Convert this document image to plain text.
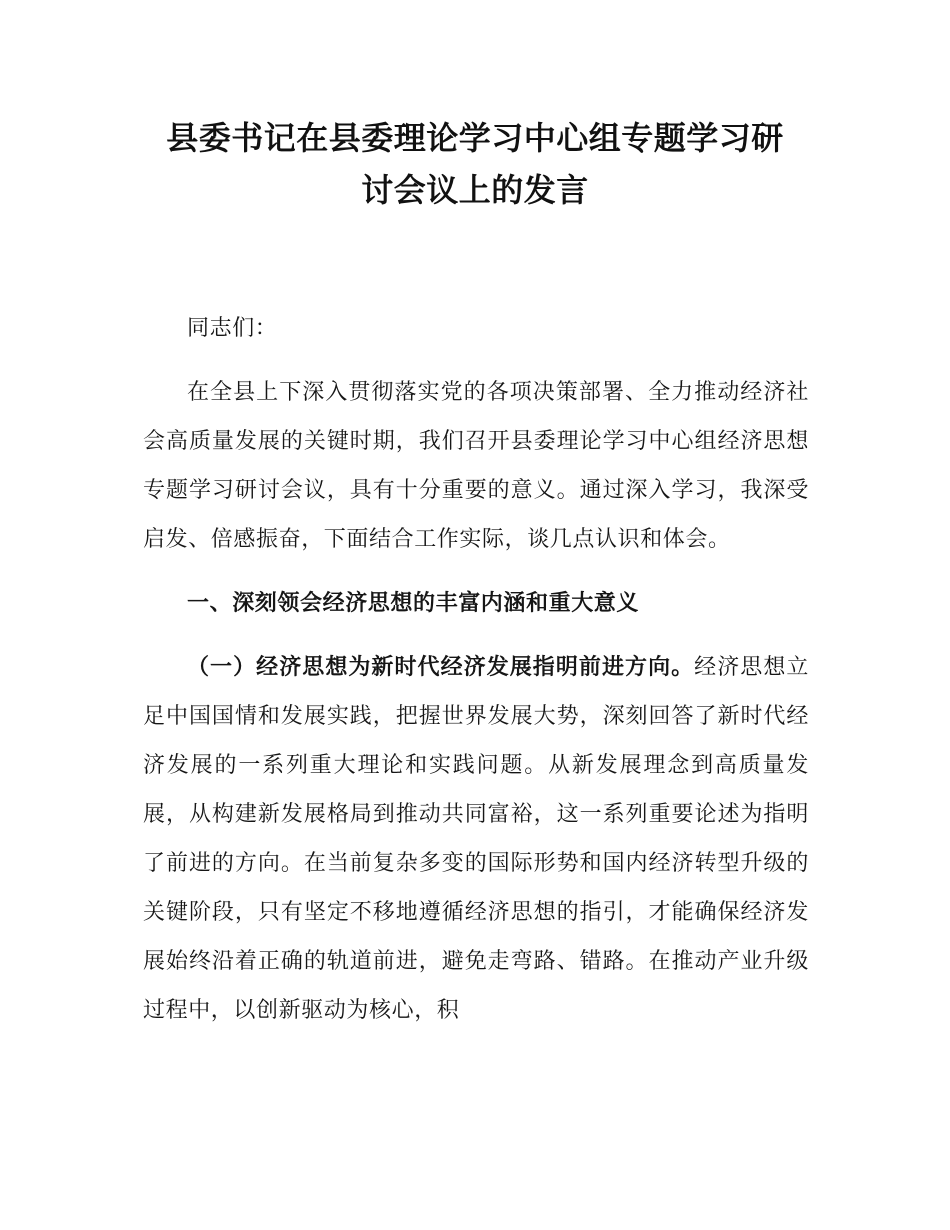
县委书记在县委理论学习中心组专题学习研
讨会议上的发言

同志们：

在全县上下深入贯彻落实党的各项决策部署、全力推动经济社会高质量发展的关键时期，我们召开县委理论学习中心组经济思想专题学习研讨会议，具有十分重要的意义。通过深入学习，我深受启发、倍感振奋，下面结合工作实际，谈几点认识和体会。

一、深刻领会经济思想的丰富内涵和重大意义

（一）经济思想为新时代经济发展指明前进方向。经济思想立足中国国情和发展实践，把握世界发展大势，深刻回答了新时代经济发展的一系列重大理论和实践问题。从新发展理念到高质量发展，从构建新发展格局到推动共同富裕，这一系列重要论述为指明了前进的方向。在当前复杂多变的国际形势和国内经济转型升级的关键阶段，只有坚定不移地遵循经济思想的指引，才能确保经济发展始终沿着正确的轨道前进，避免走弯路、错路。在推动产业升级过程中，以创新驱动为核心，积
